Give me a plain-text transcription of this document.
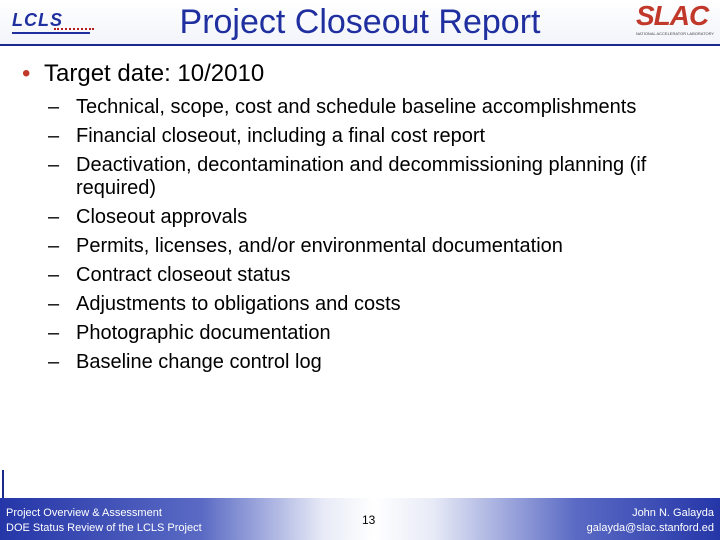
LCLS	Project Closeout Report	SLAC
NATIONAL ACCELERATOR LABORATORY
• Target date: 10/2010
– Technical, scope, cost and schedule baseline accomplishments
– Financial closeout, including a final cost report
– Deactivation, decontamination and decommissioning planning (if required)
– Closeout approvals
– Permits, licenses, and/or environmental documentation
– Contract closeout status
– Adjustments to obligations and costs
– Photographic documentation
– Baseline change control log
Project Overview & Assessment
DOE Status Review of the LCLS Project
13	John N. Galayda
galayda@slac.stanford.ed
